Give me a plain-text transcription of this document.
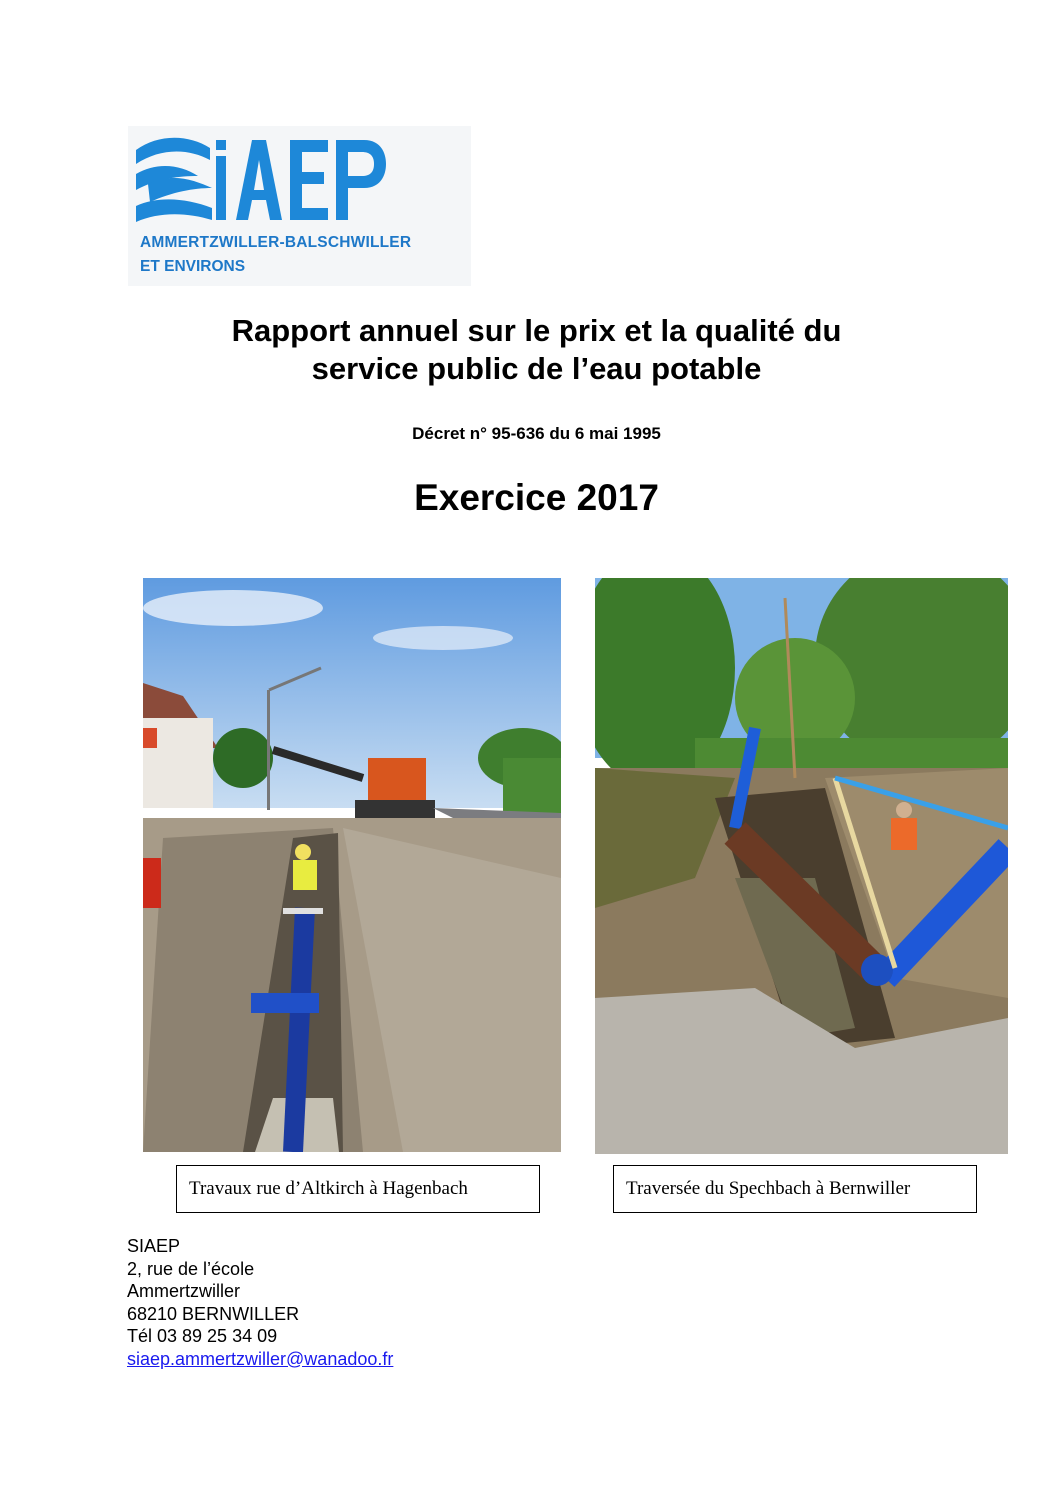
AMMERTZWILLER-BALSCHWILLER
ET ENVIRONS
Rapport annuel sur le prix et la qualité du
service public de l’eau potable
Décret n° 95-636 du 6 mai 1995
Exercice 2017
Travaux rue d’Altkirch à Hagenbach	Traversée du Spechbach à Bernwiller
SIAEP
2, rue de l’école
Ammertzwiller
68210 BERNWILLER
Tél 03 89 25 34 09
siaep.ammertzwiller@wanadoo.fr
